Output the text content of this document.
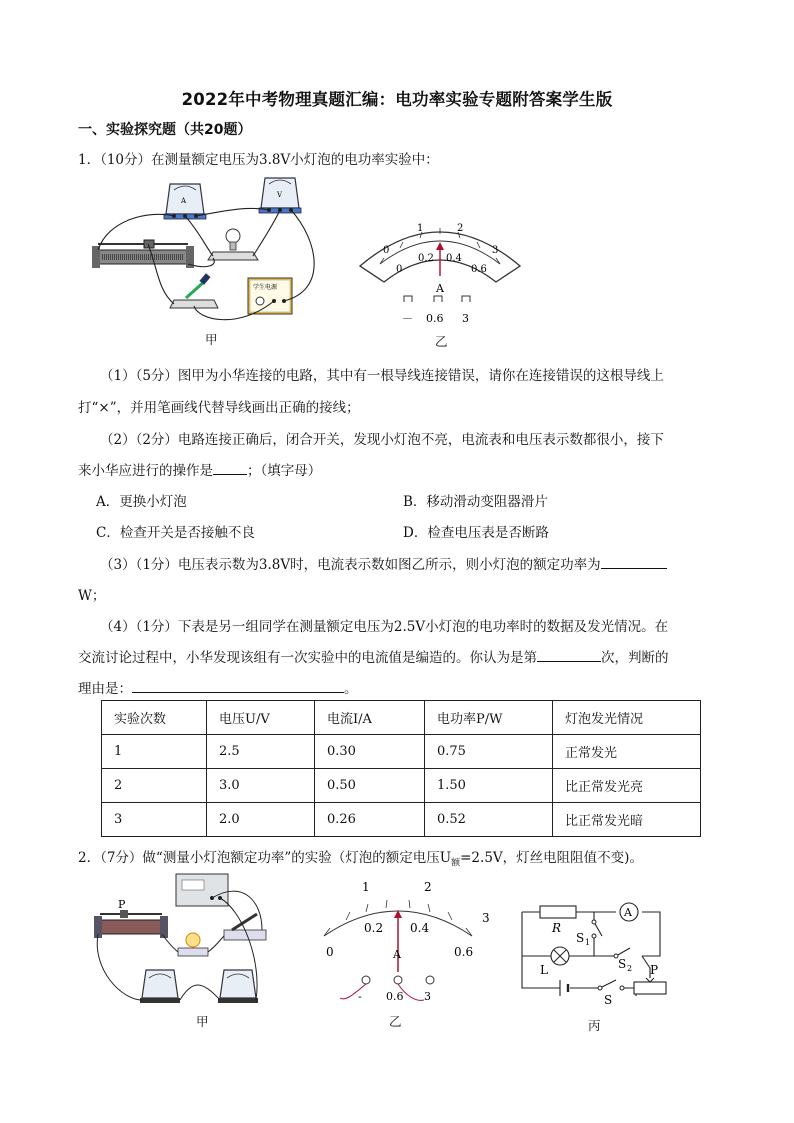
2022年中考物理真题汇编：电功率实验专题附答案学生版
一、实验探究题（共20题）
1．（10分）在测量额定电压为3.8V小灯泡的电功率实验中：
A
V
学生电源
甲
0
1	2
3
0
0.2 0.4
0.6
A
－ 0.6 3
乙
（1）（5分）图甲为小华连接的电路，其中有一根导线连接错误，请你在连接错误的这根导线上
打“×”，并用笔画线代替导线画出正确的接线；
（2）（2分）电路连接正确后，闭合开关，发现小灯泡不亮，电流表和电压表示数都很小，接下
来小华应进行的操作是	；（填字母）
A．更换小灯泡	B．移动滑动变阻器滑片
C．检查开关是否接触不良	D．检查电压表是否断路
（3）（1分）电压表示数为3.8V时，电流表示数如图乙所示，则小灯泡的额定功率为
W；
（4）（1分）下表是另一组同学在测量额定电压为2.5V小灯泡的电功率时的数据及发光情况。在
交流讨论过程中，小华发现该组有一次实验中的电流值是编造的。你认为是第	次，判断的
理由是：	。
实验次数	电压U/V	电流I/A	电功率P/W	灯泡发光情况
1	2.5	0.30	0.75	正常发光
2	3.0	0.50	1.50	比正常发光亮
3	2.0	0.26	0.52	比正常发光暗
2．（7分）做“测量小灯泡额定功率”的实验（灯泡的额定电压$U_额=2.5V$，灯丝电阻阻值不变)。
P
甲
1	2
3
0
0.2 0.4
0.6
A
- 0.6 3
乙
A
R
L
S 1
S 2
S
P
丙
